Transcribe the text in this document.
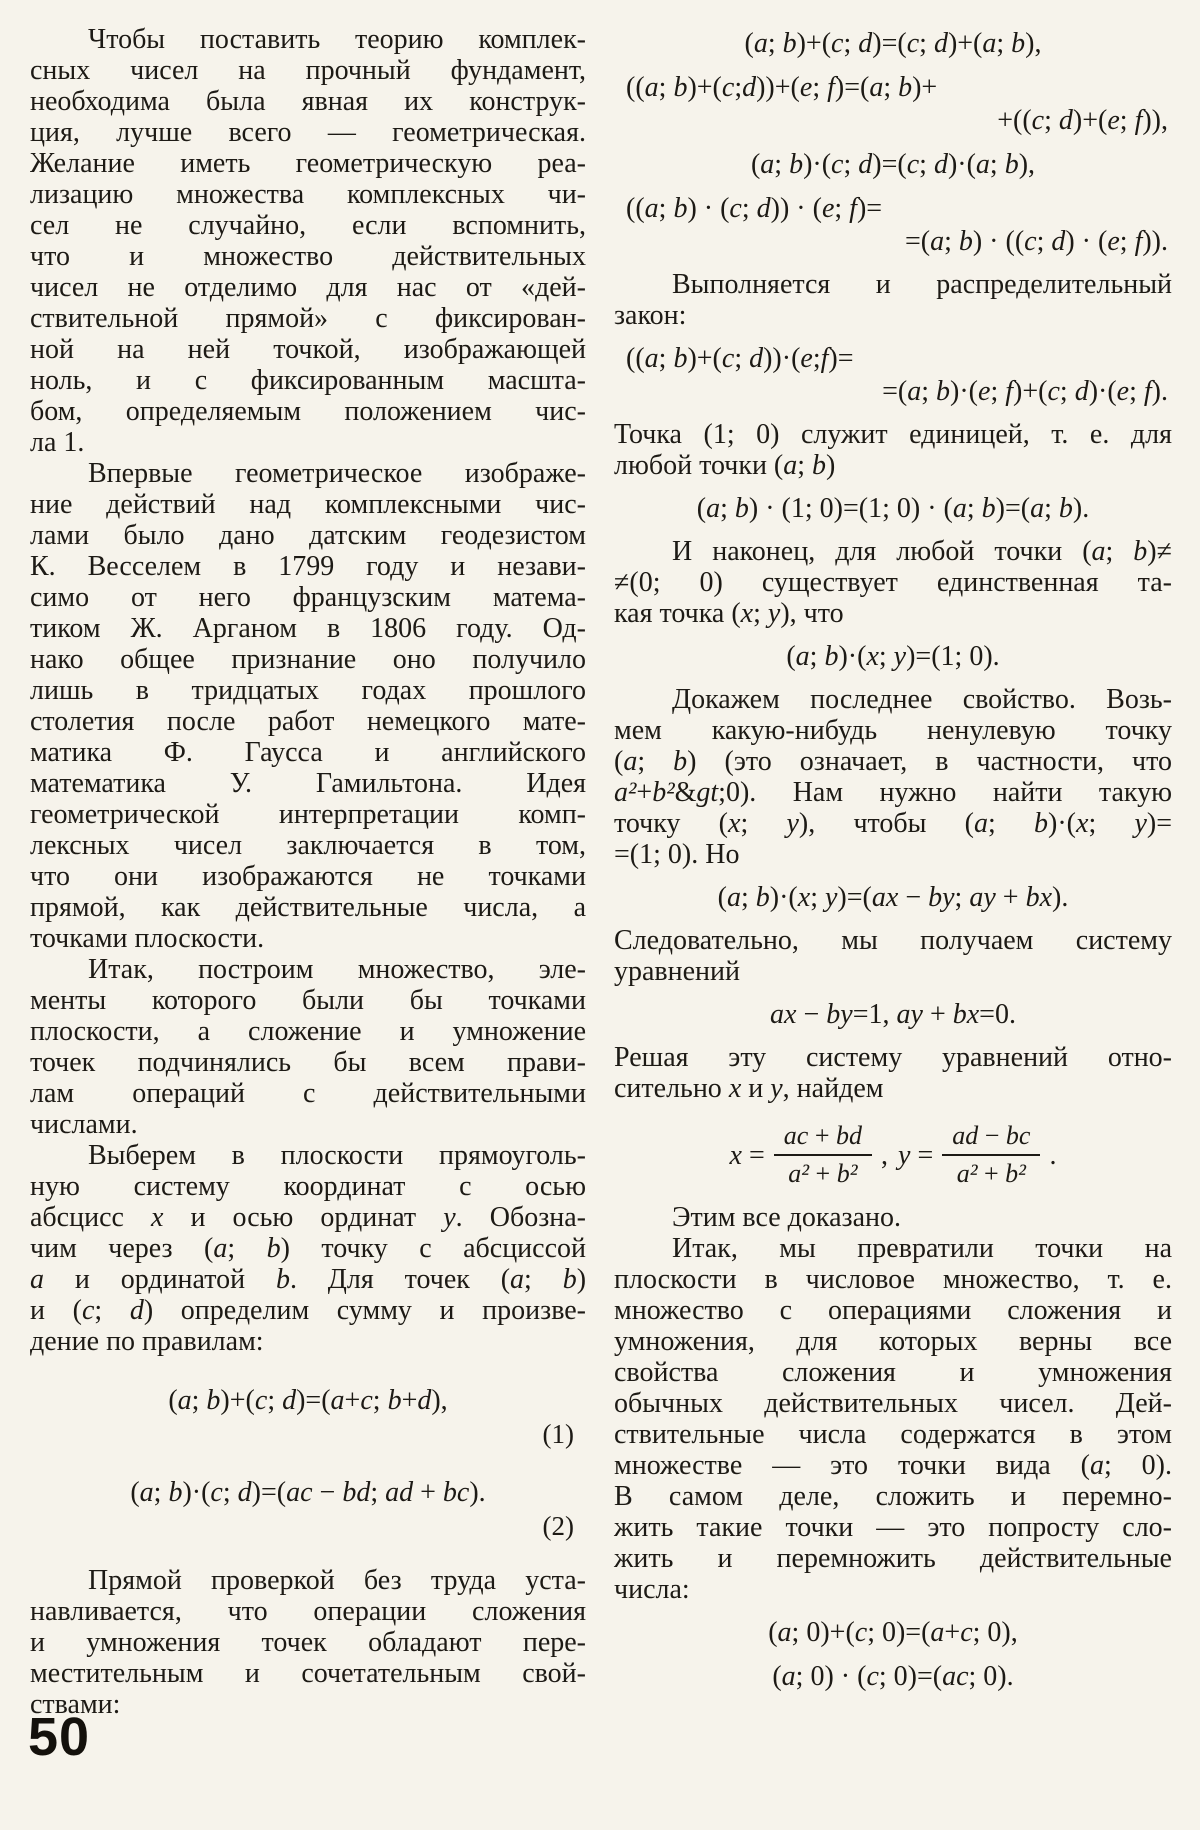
Чтобы поставить теорию комплек-
сных чисел на прочный фундамент,
необходима была явная их конструк-
ция, лучше всего — геометрическая.
Желание иметь геометрическую реа-
лизацию множества комплексных чи-
сел не случайно, если вспомнить,
что и множество действительных
чисел не отделимо для нас от «дей-
ствительной прямой» с фиксирован-
ной на ней точкой, изображающей
ноль, и с фиксированным масшта-
бом, определяемым положением чис-
ла 1.
Впервые геометрическое изображе-
ние действий над комплексными чис-
лами было дано датским геодезистом
К. Весселем в 1799 году и незави-
симо от него французским матема-
тиком Ж. Арганом в 1806 году. Од-
нако общее признание оно получило
лишь в тридцатых годах прошлого
столетия после работ немецкого мате-
матика Ф. Гаусса и английского
математика У. Гамильтона. Идея
геометрической интерпретации комп-
лексных чисел заключается в том,
что они изображаются не точками
прямой, как действительные числа, а
точками плоскости.
Итак, построим множество, эле-
менты которого были бы точками
плоскости, а сложение и умножение
точек подчинялись бы всем прави-
лам операций с действительными
числами.
Выберем в плоскости прямоуголь-
ную систему координат с осью
абсцисс x и осью ординат y. Обозна-
чим через (a; b) точку с абсциссой
a и ординатой b. Для точек (a; b)
и (c; d) определим сумму и произве-
дение по правилам:
(a; b)+(c; d)=(a+c; b+d),
(1)
(a; b)·(c; d)=(ac − bd; ad + bc).
(2)
Прямой проверкой без труда уста-
навливается, что операции сложения
и умножения точек обладают пере-
местительным и сочетательным свой-
ствами:
(a; b)+(c; d)=(c; d)+(a; b),
((a; b)+(c;d))+(e; f)=(a; b)+
+((c; d)+(e; f)),
(a; b)·(c; d)=(c; d)·(a; b),
((a; b) · (c; d)) · (e; f)=
=(a; b) · ((c; d) · (e; f)).
Выполняется и распределительный
закон:
((a; b)+(c; d))·(e;f)=
=(a; b)·(e; f)+(c; d)·(e; f).
Точка (1; 0) служит единицей, т. е. для
любой точки (a; b)
(a; b) · (1; 0)=(1; 0) · (a; b)=(a; b).
И наконец, для любой точки (a; b)≠
≠(0; 0) существует единственная та-
кая точка (x; y), что
(a; b)·(x; y)=(1; 0).
Докажем последнее свойство. Возь-
мем какую-нибудь ненулевую точку
(a; b) (это означает, в частности, что
a²+b²&gt;0). Нам нужно найти такую
точку (x; y), чтобы (a; b)·(x; y)=
=(1; 0). Но
(a; b)·(x; y)=(ax − by; ay + bx).
Следовательно, мы получаем систему
уравнений
ax − by=1, ay + bx=0.
Решая эту систему уравнений отно-
сительно x и y, найдем
$x = \frac{ac + bd}{\text{a² + b²}}$ , $y = \frac{ad - bc}{\text{a² + b²}}$ .
Этим все доказано.
Итак, мы превратили точки на
плоскости в числовое множество, т. е.
множество с операциями сложения и
умножения, для которых верны все
свойства сложения и умножения
обычных действительных чисел. Дей-
ствительные числа содержатся в этом
множестве — это точки вида (a; 0).
В самом деле, сложить и перемно-
жить такие точки — это попросту сло-
жить и перемножить действительные
числа:
(a; 0)+(c; 0)=(a+c; 0),
(a; 0) · (c; 0)=(ac; 0).
50
